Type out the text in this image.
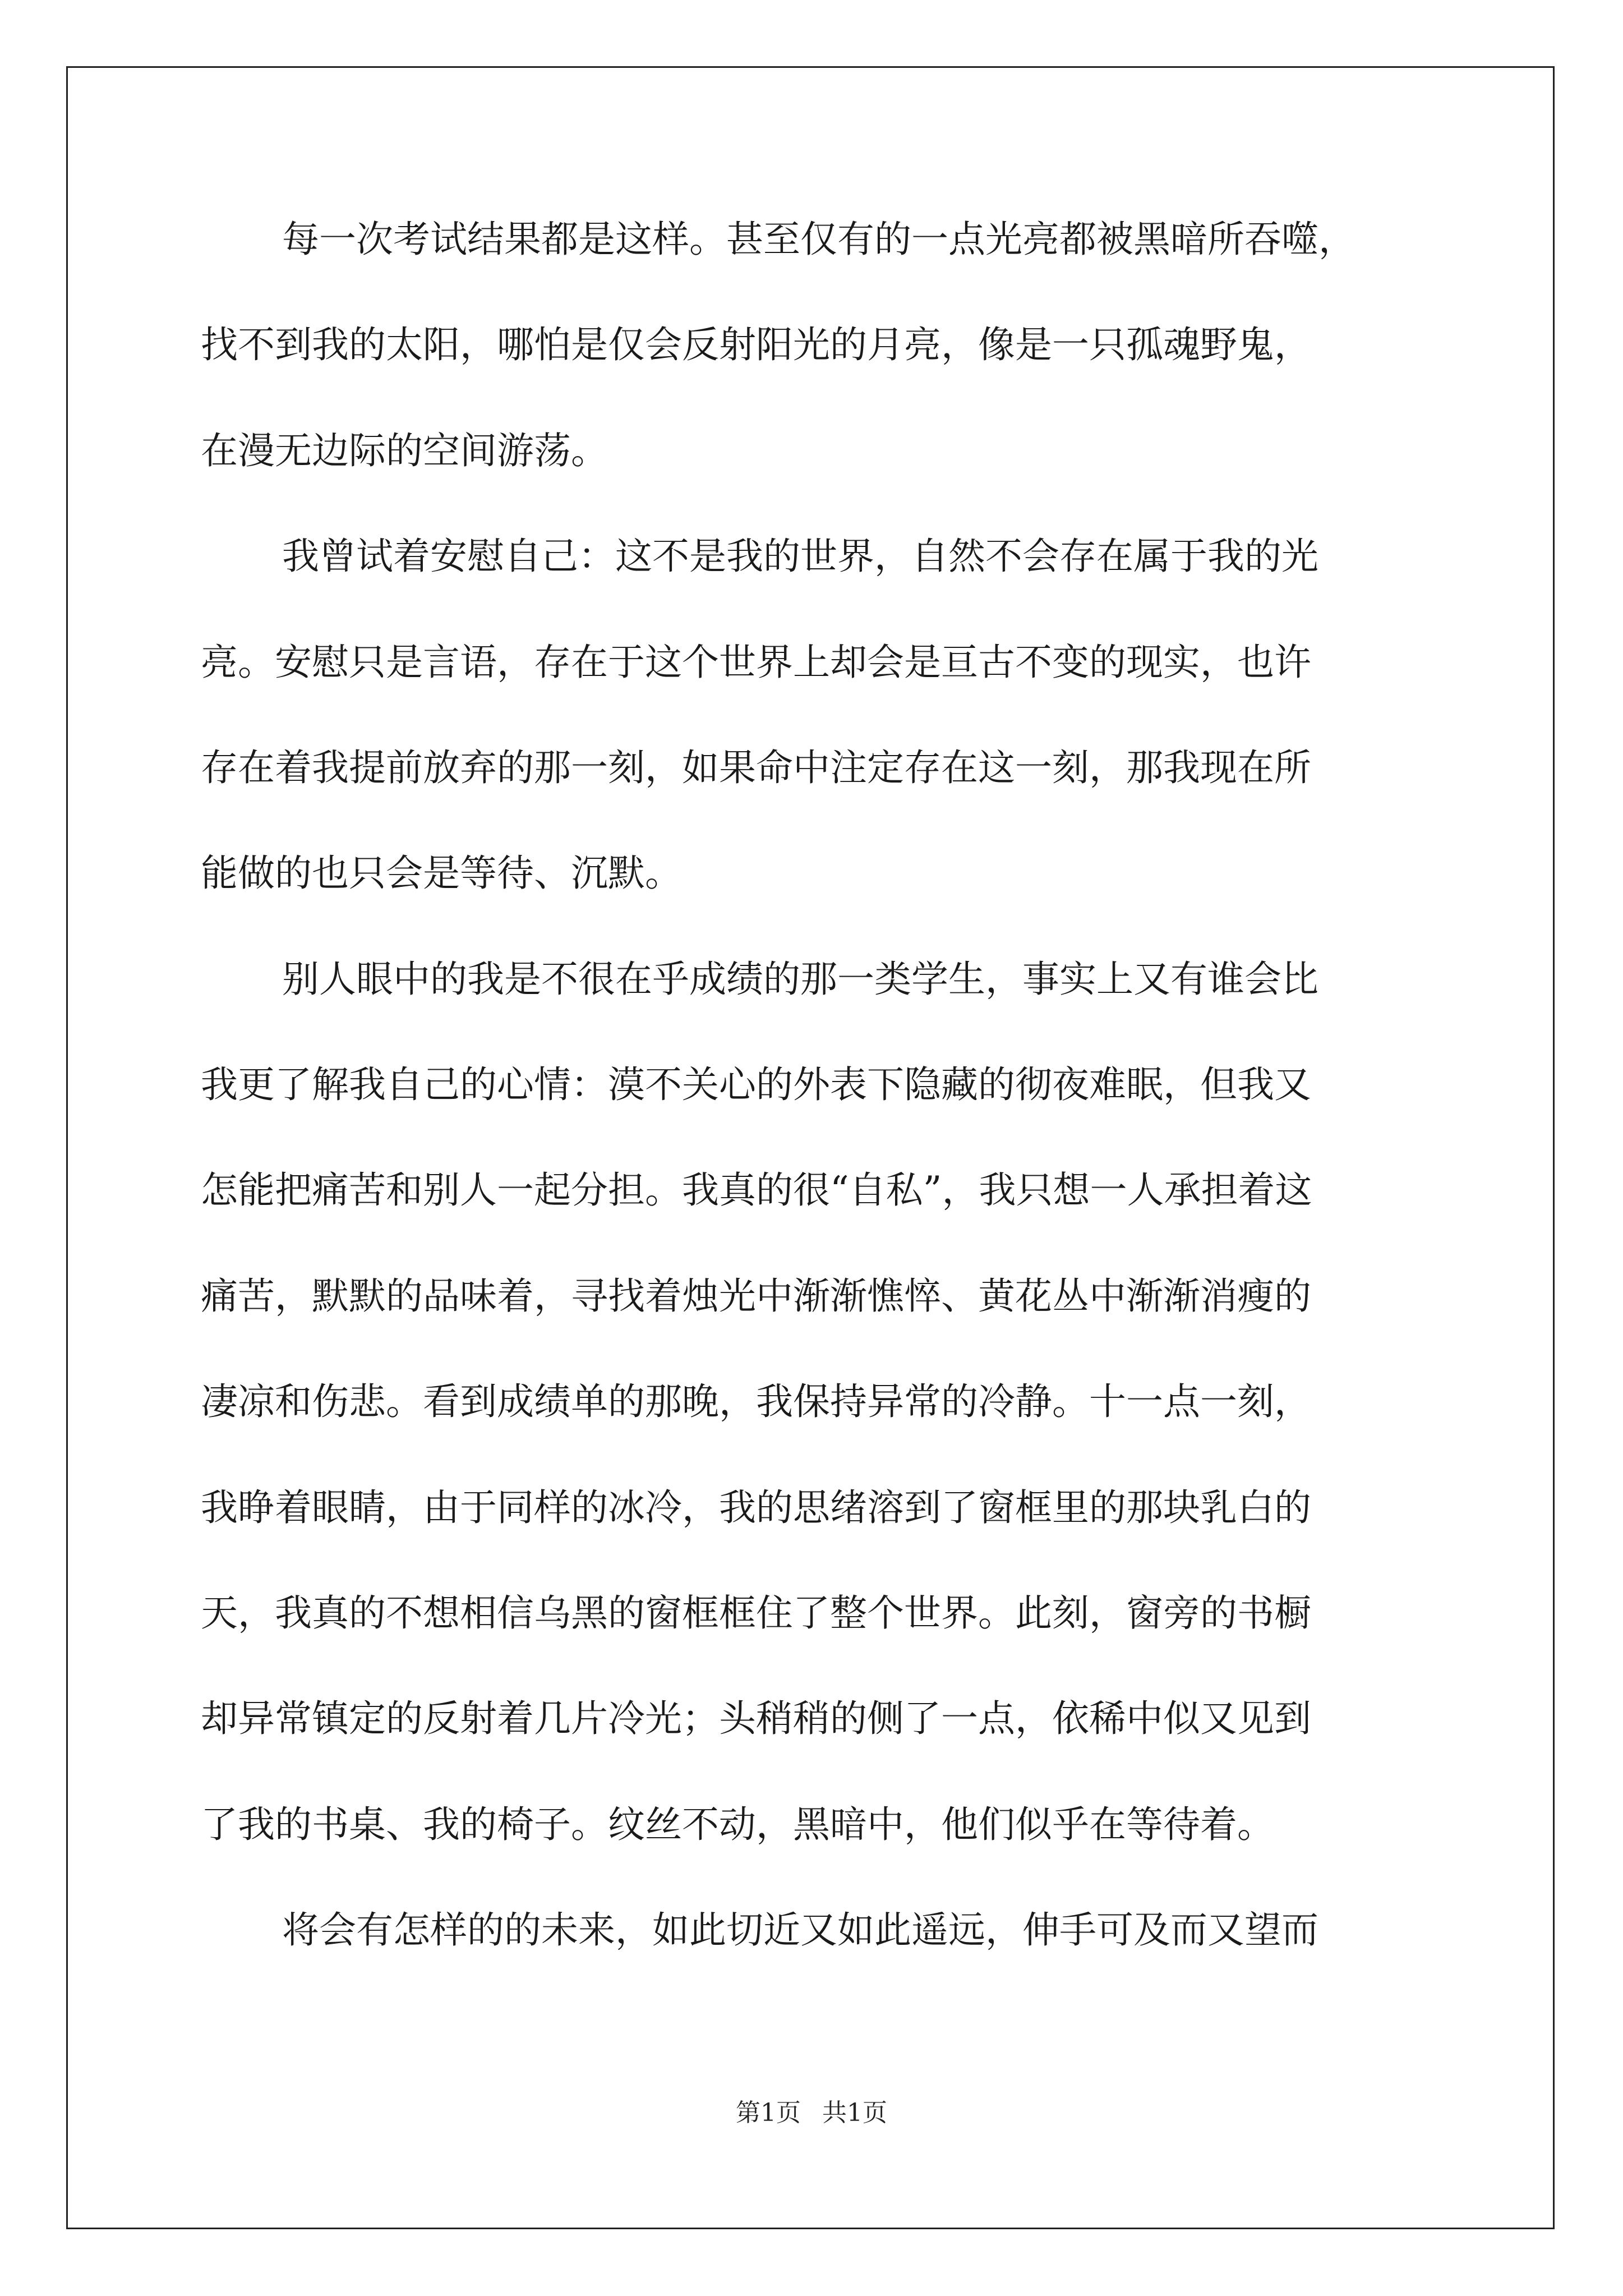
每一次考试结果都是这样。甚至仅有的一点光亮都被黑暗所吞噬，
找不到我的太阳，哪怕是仅会反射阳光的月亮，像是一只孤魂野鬼，
在漫无边际的空间游荡。
我曾试着安慰自己：这不是我的世界，自然不会存在属于我的光
亮。安慰只是言语，存在于这个世界上却会是亘古不变的现实，也许
存在着我提前放弃的那一刻，如果命中注定存在这一刻，那我现在所
能做的也只会是等待、沉默。
别人眼中的我是不很在乎成绩的那一类学生，事实上又有谁会比
我更了解我自己的心情：漠不关心的外表下隐藏的彻夜难眠，但我又
怎能把痛苦和别人一起分担。我真的很“自私”，我只想一人承担着这
痛苦，默默的品味着，寻找着烛光中渐渐憔悴、黄花丛中渐渐消瘦的
凄凉和伤悲。看到成绩单的那晚，我保持异常的冷静。十一点一刻，
我睁着眼睛，由于同样的冰冷，我的思绪溶到了窗框里的那块乳白的
天，我真的不想相信乌黑的窗框框住了整个世界。此刻，窗旁的书橱
却异常镇定的反射着几片冷光；头稍稍的侧了一点，依稀中似又见到
了我的书桌、我的椅子。纹丝不动，黑暗中，他们似乎在等待着。
将会有怎样的的未来，如此切近又如此遥远，伸手可及而又望而
第1页 共1页
